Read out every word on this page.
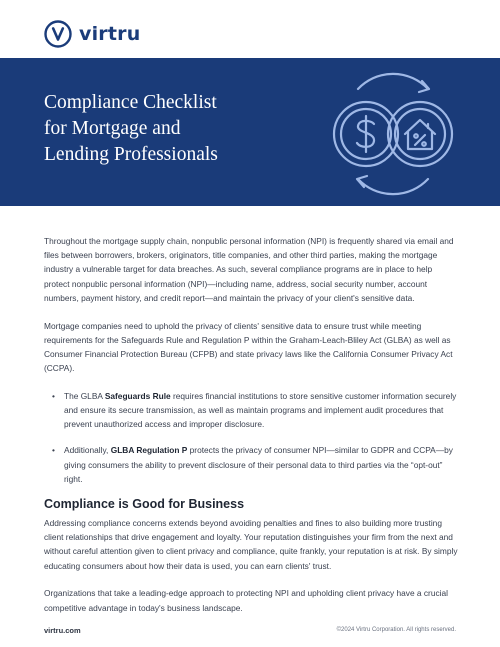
virtru
Compliance Checklist
for Mortgage and
Lending Professionals

Throughout the mortgage supply chain, nonpublic personal information (NPI) is frequently shared via email and files between borrowers, brokers, originators, title companies, and other third parties, making the mortgage industry a vulnerable target for data breaches. As such, several compliance programs are in place to help protect nonpublic personal information (NPI)—including name, address, social security number, account numbers, payment history, and credit report—and maintain the privacy of your client's sensitive data.

Mortgage companies need to uphold the privacy of clients' sensitive data to ensure trust while meeting requirements for the Safeguards Rule and Regulation P within the Graham-Leach-Bliley Act (GLBA) as well as Consumer Financial Protection Bureau (CFPB) and state privacy laws like the California Consumer Privacy Act (CCPA).

• The GLBA Safeguards Rule requires financial institutions to store sensitive customer information securely and ensure its secure transmission, as well as maintain programs and implement audit procedures that prevent unauthorized access and improper disclosure.
• Additionally, GLBA Regulation P protects the privacy of consumer NPI—similar to GDPR and CCPA—by giving consumers the ability to prevent disclosure of their personal data to third parties via the “opt-out” right.
Compliance is Good for Business

Addressing compliance concerns extends beyond avoiding penalties and fines to also building more trusting client relationships that drive engagement and loyalty. Your reputation distinguishes your firm from the next and without careful attention given to client privacy and compliance, quite frankly, your reputation is at risk. By simply educating consumers about how their data is used, you can earn clients' trust.

Organizations that take a leading-edge approach to protecting NPI and upholding client privacy have a crucial competitive advantage in today's business landscape.

virtru.com	©2024 Virtru Corporation. All rights reserved.
